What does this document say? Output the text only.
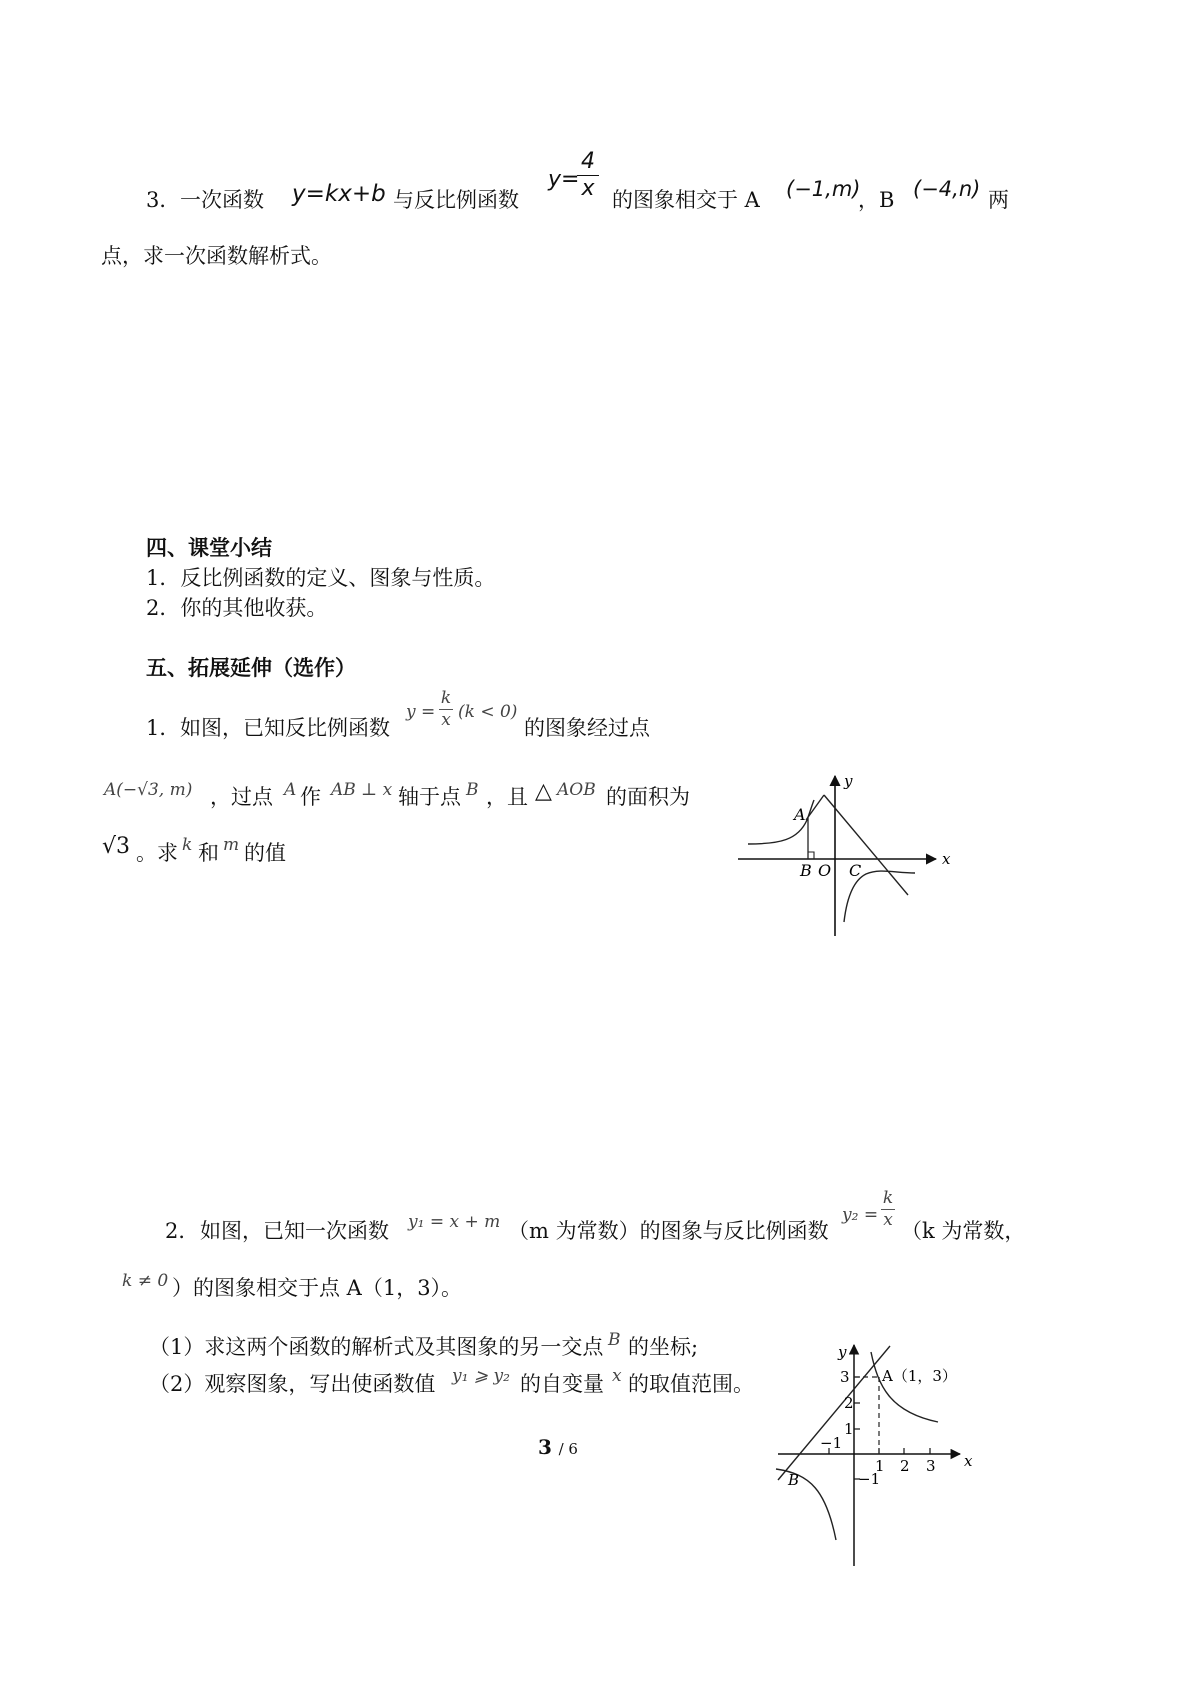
3． 一次函数 y=kx+b 与反比例函数
y=
4
x 的图象相交于 A (−1,m)
，B (−4,n) 两
点，求一次函数解析式。
四、课堂小结
1．反比例函数的定义、图象与性质。
2．你的其他收获。
五、拓展延伸（选作）
1． 如图，已知反比例函数
y =
k
x (k < 0)
的图象经过点
A(−√3, m) ，过点 A 作 AB ⊥ x 轴于点 B ，且 △ AOB 的面积为
√3 。求 k 和 m 的值
y
x
A
B O C
2． 如图，已知一次函数 y₁ = x + m （m 为常数）的图象与反比例函数
y₂ =
k
x （k 为常数，
k ≠ 0 ）的图象相交于点 A（1，3）。
（1）求这两个函数的解析式及其图象的另一交点 B 的坐标;
（2）观察图象，写出使函数值 y₁ ⩾ y₂ 的自变量 x 的取值范围。
y
x
A（1，3）
B
3
2
1
−1
1 2 3
−1
3 / 6
